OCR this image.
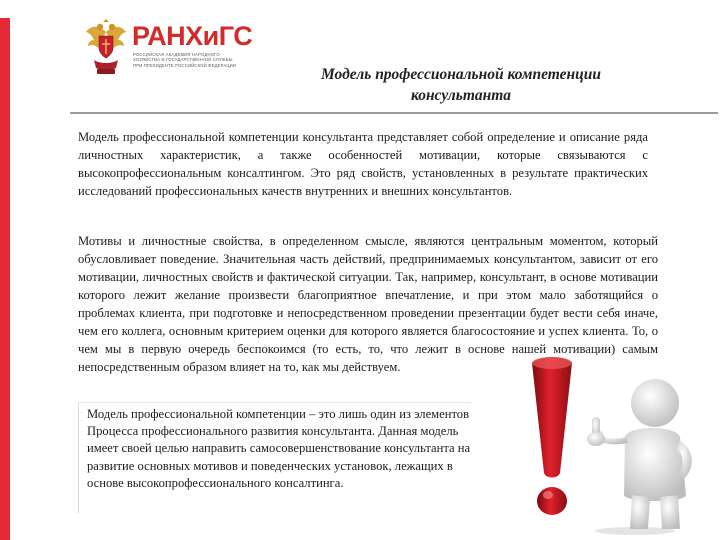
РАНХиГС
РОССИЙСКАЯ АКАДЕМИЯ НАРОДНОГО ХОЗЯЙСТВА И ГОСУДАРСТВЕННОЙ СЛУЖБЫ ПРИ ПРЕЗИДЕНТЕ РОССИЙСКОЙ ФЕДЕРАЦИИ
Модель профессиональной компетенции консультанта
Модель профессиональной компетенции консультанта представляет собой определение и описание ряда личностных характеристик, а также особенностей мотивации, которые связываются с высокопрофессиональным консалтингом. Это ряд свойств, установленных в результате практических исследований профессиональных качеств внутренних и внешних консультантов.
Мотивы и личностные свойства, в определенном смысле, являются центральным моментом, который обусловливает поведение. Значительная часть действий, предпринимаемых консультантом, зависит от его мотивации, личностных свойств и фактической ситуации. Так, например, консультант, в основе мотивации которого лежит желание произвести благоприятное впечатление, и при этом мало заботящийся о проблемах клиента, при подготовке и непосредственном проведении презентации будет вести себя иначе, чем его коллега, основным критерием оценки для которого является благосостояние и успех клиента. То, о чем мы в первую очередь беспокоимся (то есть, то, что лежит в основе нашей мотивации) самым непосредственным образом влияет на то, как мы действуем.
Модель профессиональной компетенции – это лишь один из элементов Процесса профессионального развития консультанта. Данная модель имеет своей целью направить самосовершенствование консультанта на развитие основных мотивов и поведенческих установок, лежащих в основе высокопрофессионального консалтинга.
